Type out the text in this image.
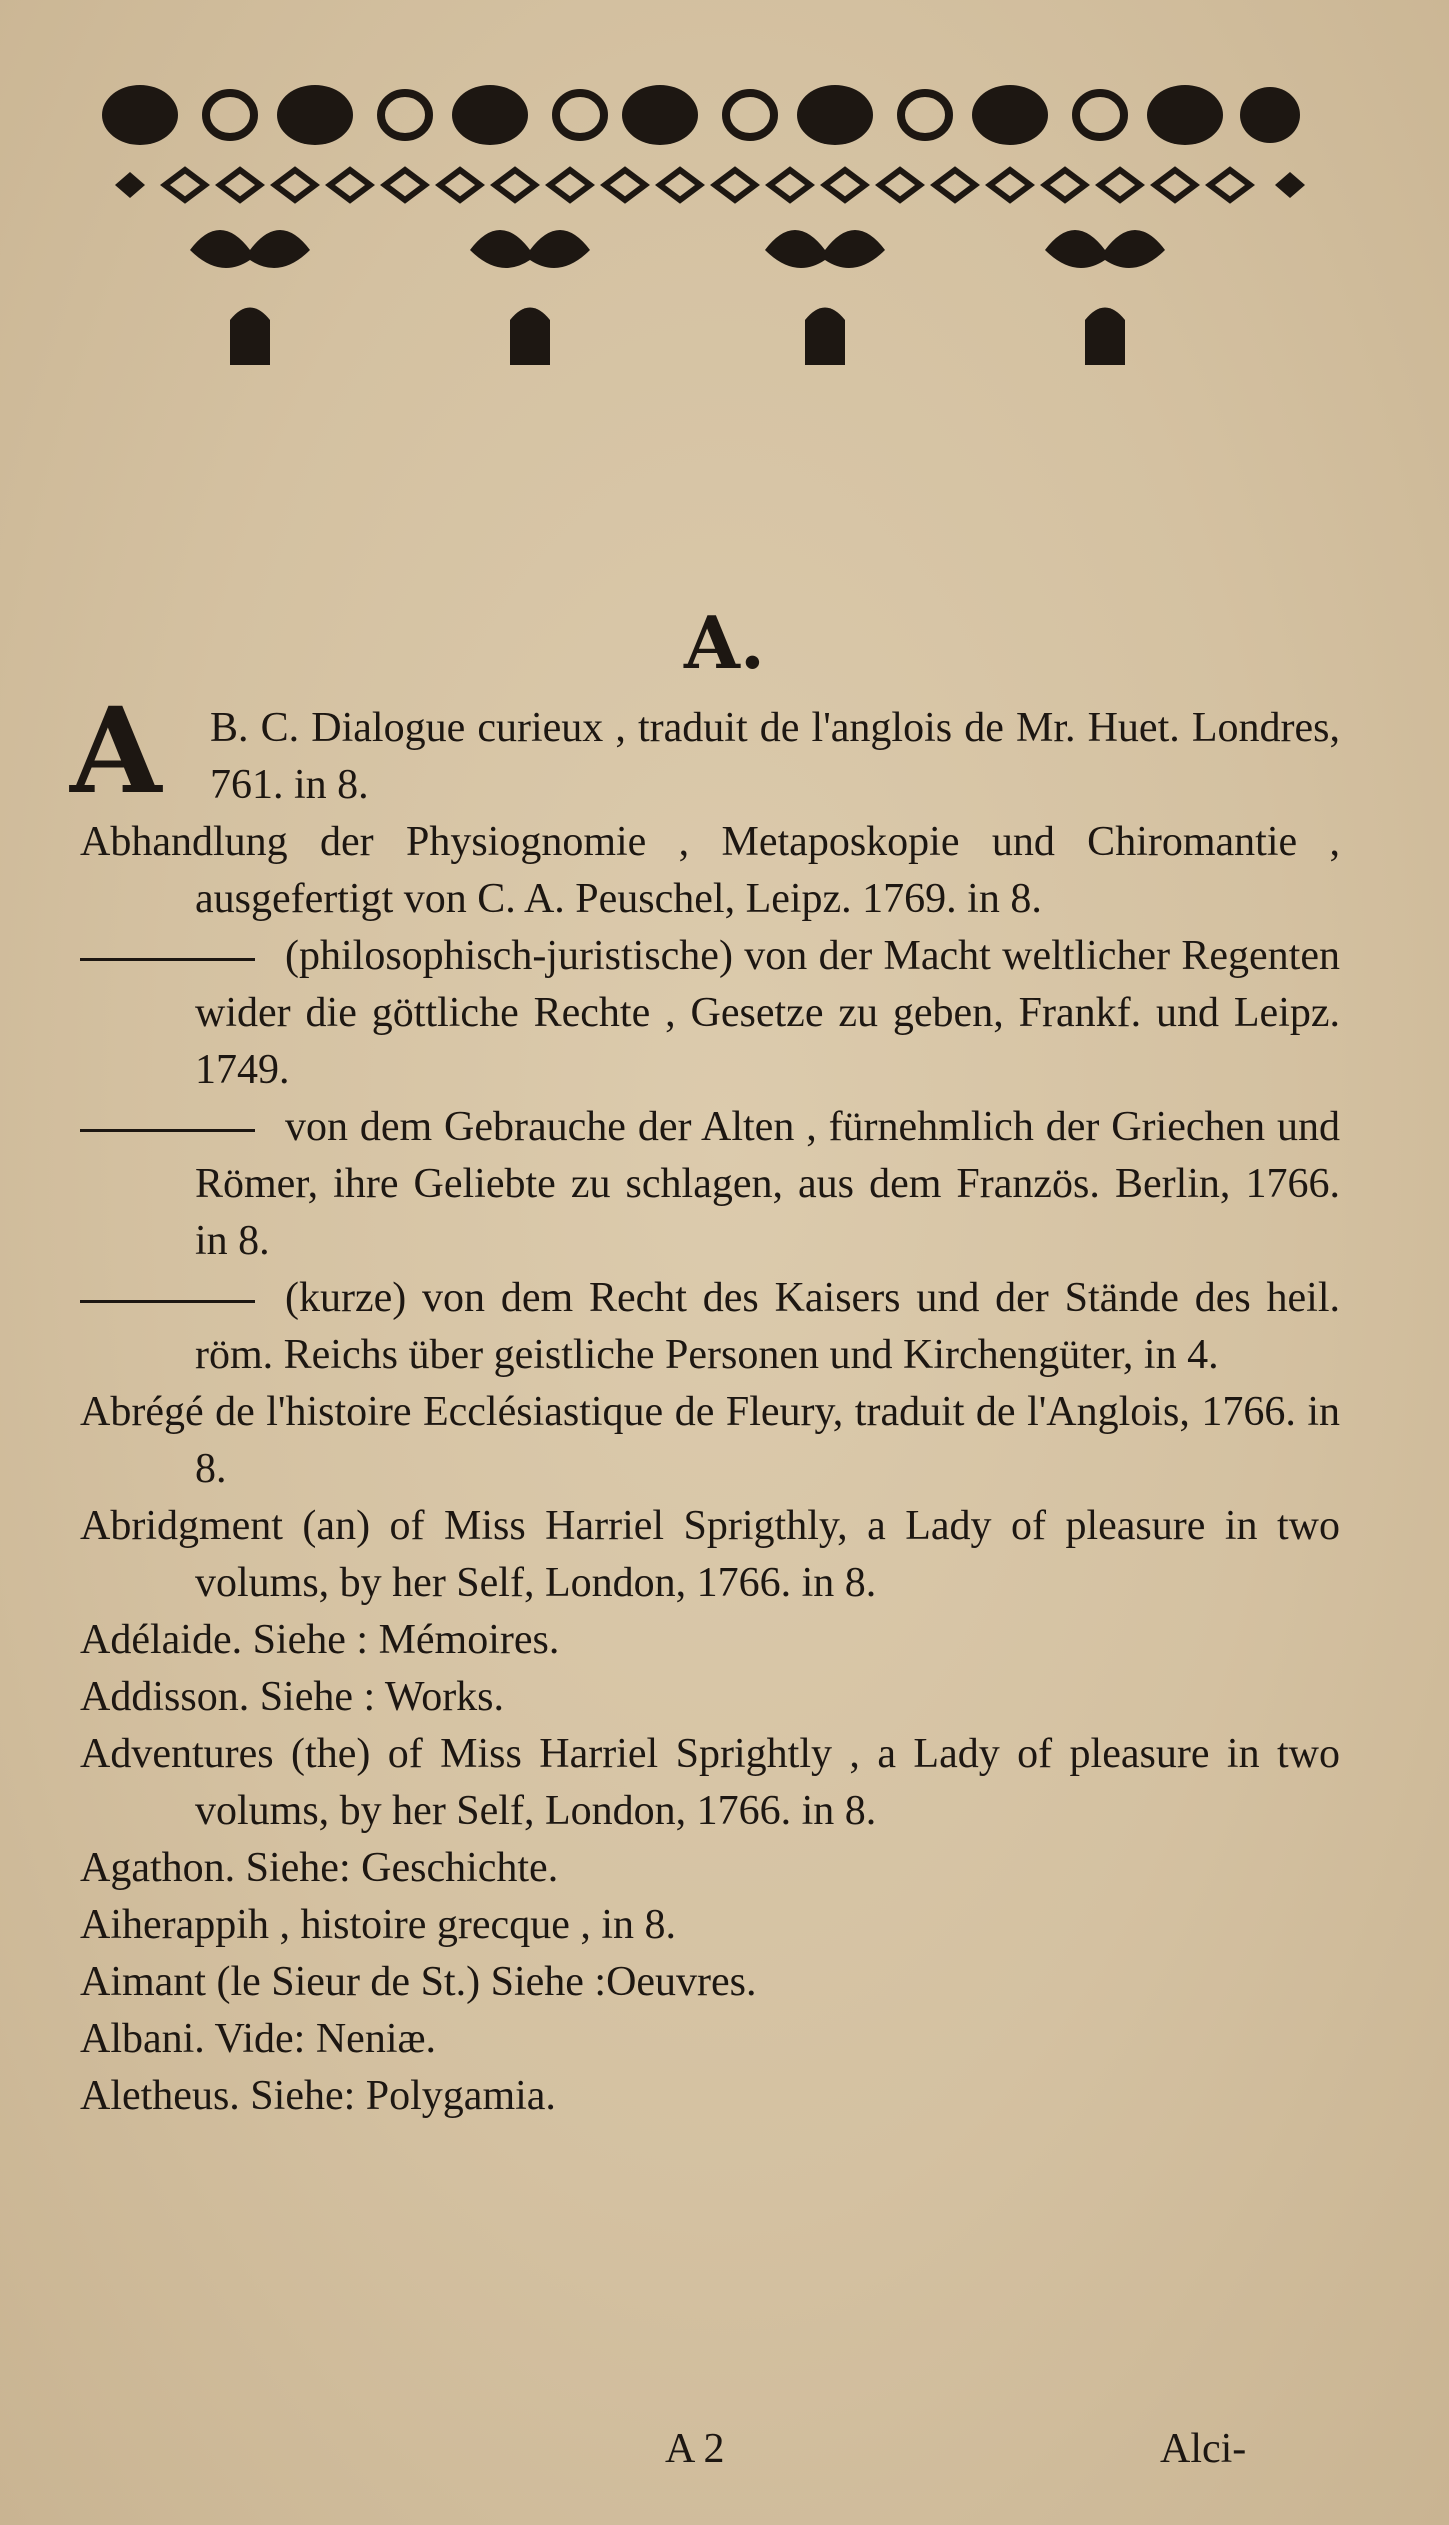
A.
A B. C. Dialogue curieux , traduit de l'anglois de Mr. Huet. Londres, 761. in 8.
Abhandlung der Physiognomie , Metaposkopie und Chiromantie , ausgefertigt von C. A. Peuschel, Leipz. 1769. in 8.
(philosophisch-juristische) von der Macht weltlicher Regenten wider die göttliche Rechte , Gesetze zu geben, Frankf. und Leipz. 1749.
von dem Gebrauche der Alten , fürnehmlich der Griechen und Römer, ihre Geliebte zu schlagen, aus dem Französ. Berlin, 1766. in 8.
(kurze) von dem Recht des Kaisers und der Stände des heil. röm. Reichs über geistliche Personen und Kirchengüter, in 4.
Abrégé de l'histoire Ecclésiastique de Fleury, traduit de l'Anglois, 1766. in 8.
Abridgment (an) of Miss Harriel Sprigthly, a Lady of pleasure in two volums, by her Self, London, 1766. in 8.
Adélaide. Siehe : Mémoires.
Addisson. Siehe : Works.
Adventures (the) of Miss Harriel Sprightly , a Lady of pleasure in two volums, by her Self, London, 1766. in 8.
Agathon. Siehe: Geschichte.
Aiherappih , histoire grecque , in 8.
Aimant (le Sieur de St.) Siehe :Oeuvres.
Albani. Vide: Neniæ.
Aletheus. Siehe: Polygamia.
A 2	Alci-
